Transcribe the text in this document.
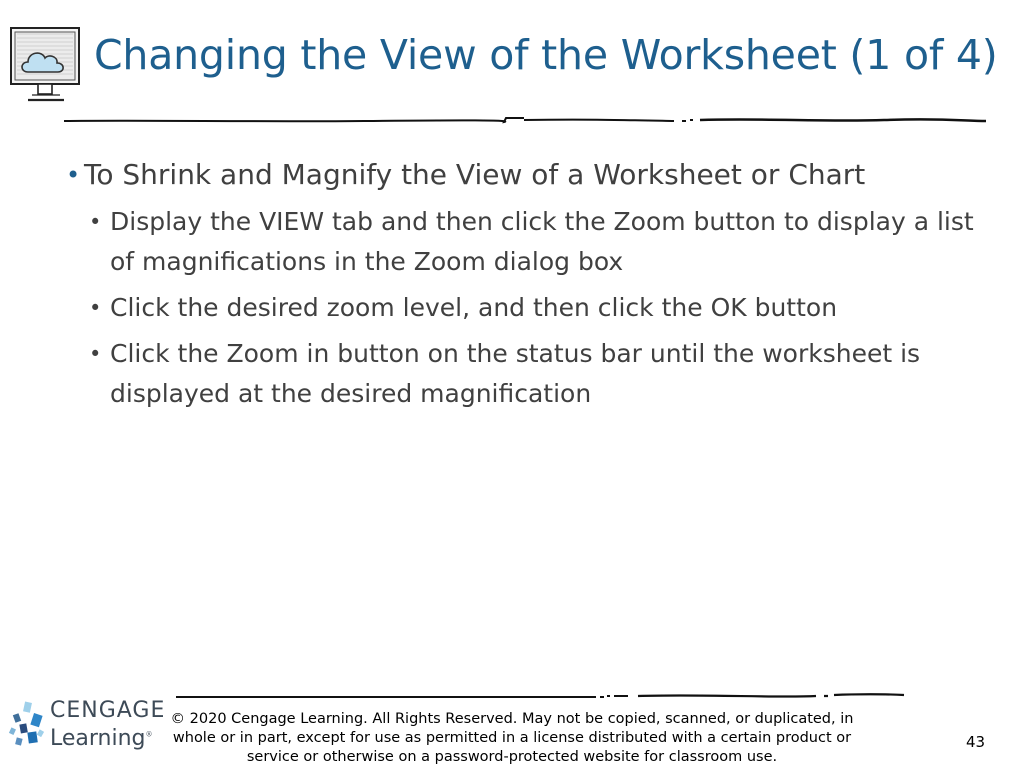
Changing the View of the Worksheet (1 of 4)
• To Shrink and Magnify the View of a Worksheet or Chart
• Display the VIEW tab and then click the Zoom button to display a list of magnifications in the Zoom dialog box
• Click the desired zoom level, and then click the OK button
• Click the Zoom in button on the status bar until the worksheet is displayed at the desired magnification
CENGAGE
Learning®
© 2020 Cengage Learning. All Rights Reserved. May not be copied, scanned, or duplicated, in whole or in part, except for use as permitted in a license distributed with a certain product or service or otherwise on a password-protected website for classroom use.
43
